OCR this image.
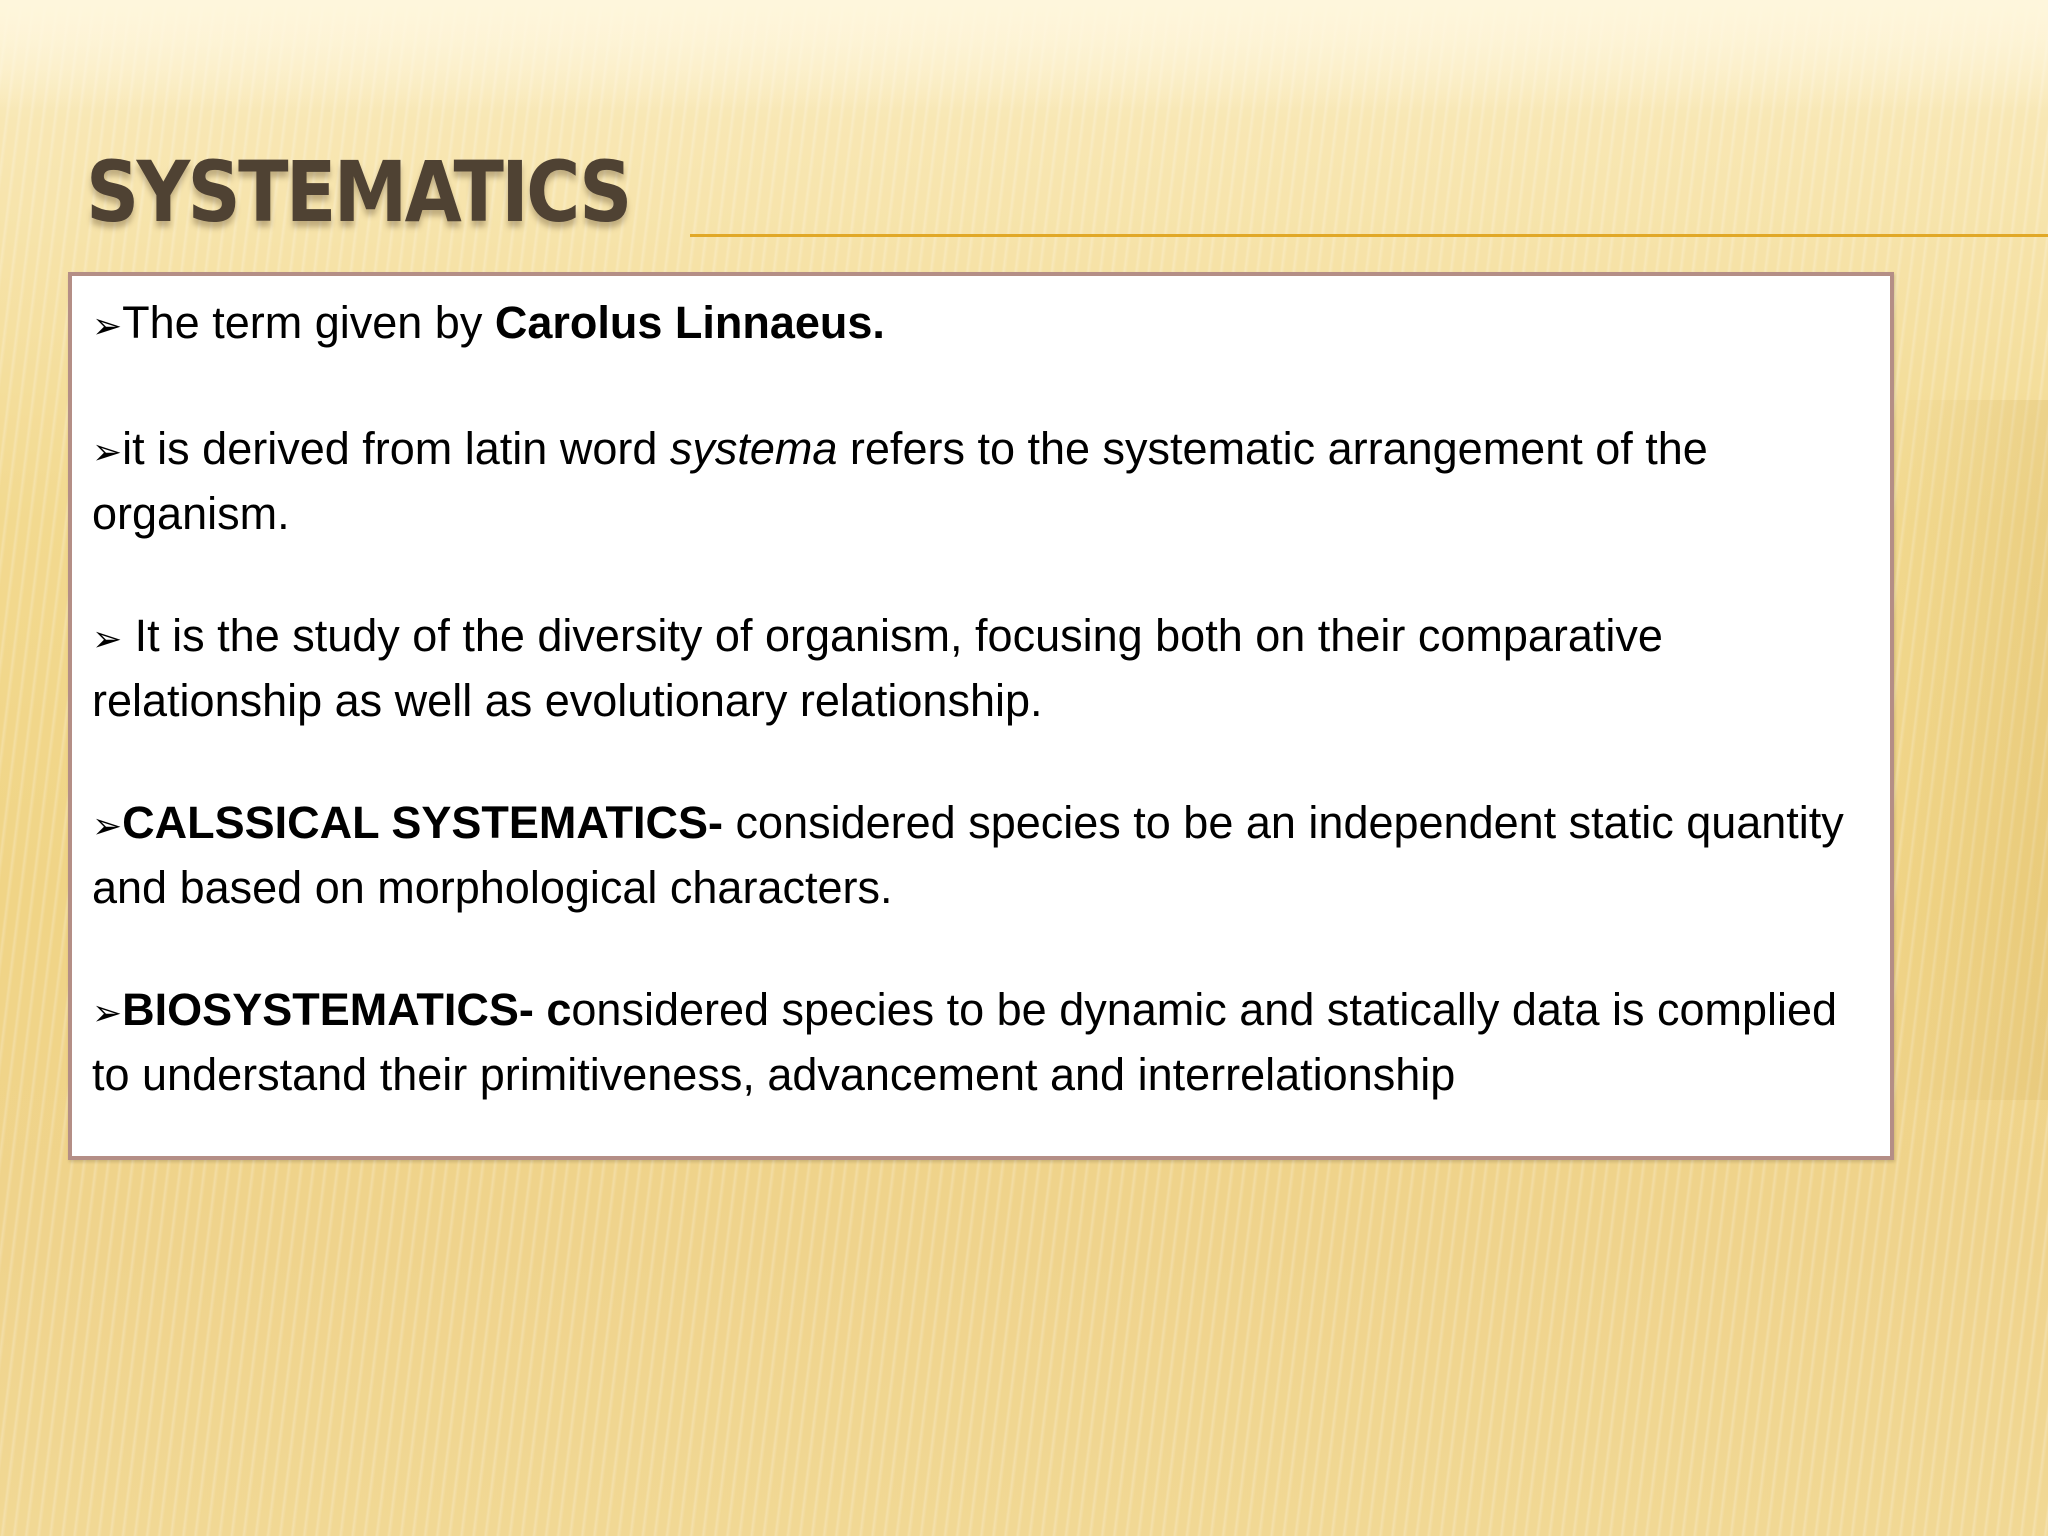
SYSTEMATICS

➢The term given by Carolus Linnaeus.

➢it is derived from latin word systema refers to the systematic arrangement of the organism.

➢ It is the study of the diversity of organism, focusing both on their comparative relationship as well as evolutionary relationship.

➢CALSSICAL SYSTEMATICS- considered species to be an independent static quantity and based on morphological characters.

➢BIOSYSTEMATICS- considered species to be dynamic and statically data is complied to understand their primitiveness, advancement and interrelationship
